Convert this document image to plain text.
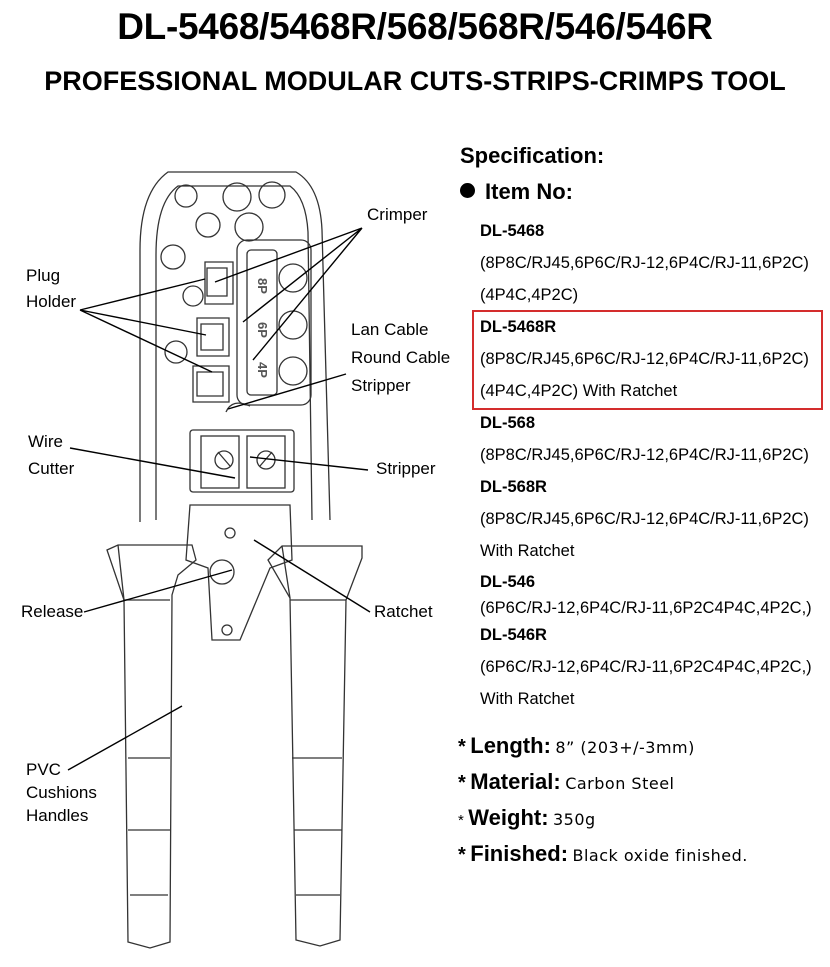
DL-5468/5468R/568/568R/546/546R
PROFESSIONAL MODULAR CUTS-STRIPS-CRIMPS TOOL
8P
6P
4P
Crimper
Plug
Holder
Lan Cable
Round Cable
Stripper
Wire
Cutter	Stripper
Release	Ratchet
PVC
Cushions
Handles
Specification:
Item No:
DL-5468
(8P8C/RJ45,6P6C/RJ-12,6P4C/RJ-11,6P2C)
(4P4C,4P2C)
DL-5468R
(8P8C/RJ45,6P6C/RJ-12,6P4C/RJ-11,6P2C)
(4P4C,4P2C) With Ratchet
DL-568
(8P8C/RJ45,6P6C/RJ-12,6P4C/RJ-11,6P2C)
DL-568R
(8P8C/RJ45,6P6C/RJ-12,6P4C/RJ-11,6P2C)
With Ratchet
DL-546
(6P6C/RJ-12,6P4C/RJ-11,6P2C4P4C,4P2C,)
DL-546R
(6P6C/RJ-12,6P4C/RJ-11,6P2C4P4C,4P2C,)
With Ratchet
* Length: 8” (203+/-3mm)
* Material: Carbon Steel
* Weight: 350g
* Finished: Black oxide finished.
